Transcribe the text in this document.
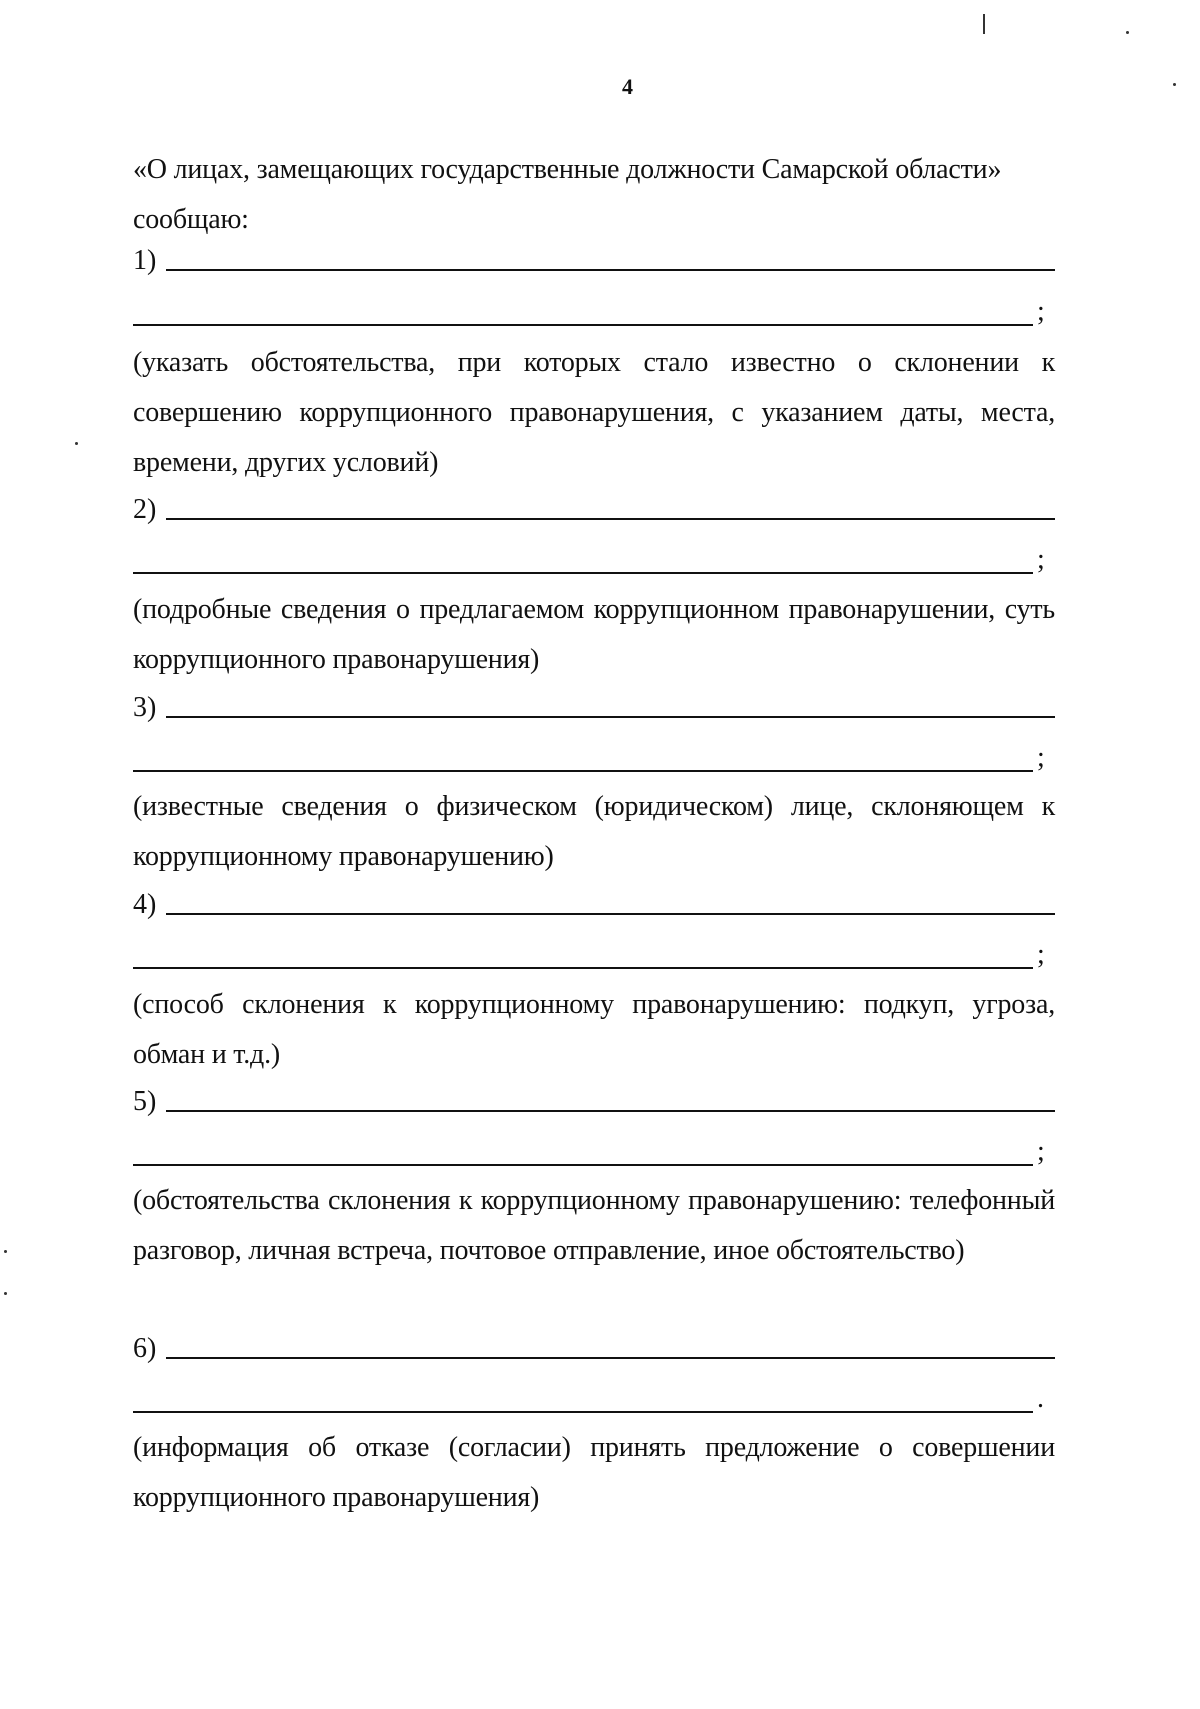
4
«О лицах, замещающих государственные должности Самарской области»
сообщаю:
1)
;
(указать обстоятельства, при которых стало известно о склонении к совершению коррупционного правонарушения, с указанием даты, места, времени, других условий)
2)
;
(подробные сведения о предлагаемом коррупционном правонарушении, суть коррупционного правонарушения)
3)
;
(известные сведения о физическом (юридическом) лице, склоняющем к коррупционному правонарушению)
4)
;
(способ склонения к коррупционному правонарушению: подкуп, угроза, обман и т.д.)
5)
;
(обстоятельства склонения к коррупционному правонарушению: телефонный разговор, личная встреча, почтовое отправление, иное обстоятельство)
6)
.
(информация об отказе (согласии) принять предложение о совершении коррупционного правонарушения)
